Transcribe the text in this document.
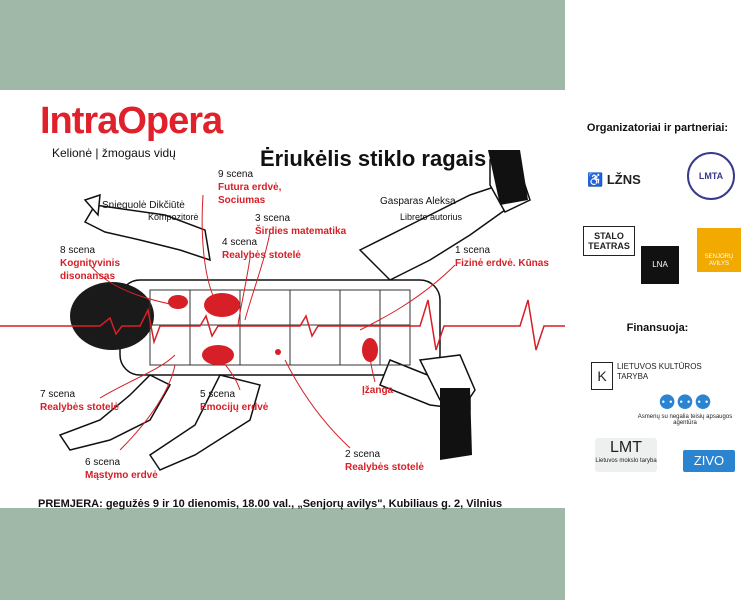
IntraOpera
Kelionė | žmogaus vidų	Ėriukėlis stiklo ragais
Snieguolė Dikčiūtė
Kompozitorė
Gasparas Aleksa
Libreto autorius
9 scena
Futura erdvė, Sociumas
3 scena
Širdies matematika
4 scena
Realybės stotelė
8 scena
Kognityvinis disonansas
1 scena
Fizinė erdvė. Kūnas
7 scena
Realybės stotelė
5 scena
Emocijų erdvė
Įžanga
6 scena
Mąstymo erdvė
2 scena
Realybės stotelė
PREMJERA: gegužės 9 ir 10 dienomis, 18.00 val., „Senjorų avilys", Kubiliaus g. 2, Vilnius
Organizatoriai ir partneriai:
♿ LŽNS	LMTA
STALO TEATRAS
LNA
SENJORŲ AVILYS
Finansuoja:
K
LIETUVOS KULTŪROS TARYBA
⚉⚉⚉
Asmenų su negalia teisių apsaugos agentūra
LMT
Lietuvos mokslo taryba	ZIVO
